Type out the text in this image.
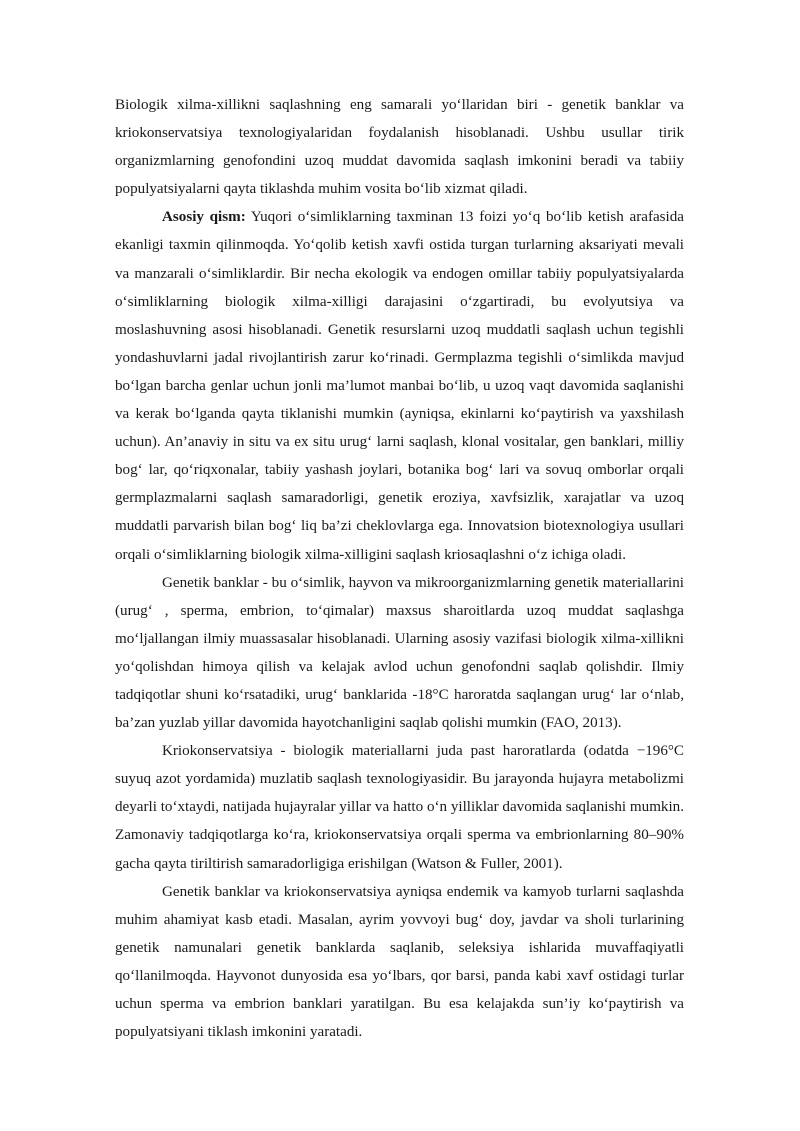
Biologik xilma-xillikni saqlashning eng samarali yo‘llaridan biri - genetik banklar va kriokonservatsiya texnologiyalaridan foydalanish hisoblanadi. Ushbu usullar tirik organizmlarning genofondini uzoq muddat davomida saqlash imkonini beradi va tabiiy populyatsiyalarni qayta tiklashda muhim vosita bo‘lib xizmat qiladi.

Asosiy qism: Yuqori o‘simliklarning taxminan 13 foizi yo‘q bo‘lib ketish arafasida ekanligi taxmin qilinmoqda. Yo‘qolib ketish xavfi ostida turgan turlarning aksariyati mevali va manzarali o‘simliklardir. Bir necha ekologik va endogen omillar tabiiy populyatsiyalarda o‘simliklarning biologik xilma-xilligi darajasini o‘zgartiradi, bu evolyutsiya va moslashuvning asosi hisoblanadi. Genetik resurslarni uzoq muddatli saqlash uchun tegishli yondashuvlarni jadal rivojlantirish zarur ko‘rinadi. Germplazma tegishli o‘simlikda mavjud bo‘lgan barcha genlar uchun jonli ma’lumot manbai bo‘lib, u uzoq vaqt davomida saqlanishi va kerak bo‘lganda qayta tiklanishi mumkin (ayniqsa, ekinlarni ko‘paytirish va yaxshilash uchun). An’anaviy in situ va ex situ urug‘ larni saqlash, klonal vositalar, gen banklari, milliy bog‘ lar, qo‘riqxonalar, tabiiy yashash joylari, botanika bog‘ lari va sovuq omborlar orqali germplazmalarni saqlash samaradorligi, genetik eroziya, xavfsizlik, xarajatlar va uzoq muddatli parvarish bilan bog‘ liq ba’zi cheklovlarga ega. Innovatsion biotexnologiya usullari orqali o‘simliklarning biologik xilma-xilligini saqlash kriosaqlashni o‘z ichiga oladi.

Genetik banklar - bu o‘simlik, hayvon va mikroorganizmlarning genetik materiallarini (urug‘ , sperma, embrion, to‘qimalar) maxsus sharoitlarda uzoq muddat saqlashga mo‘ljallangan ilmiy muassasalar hisoblanadi. Ularning asosiy vazifasi biologik xilma-xillikni yo‘qolishdan himoya qilish va kelajak avlod uchun genofondni saqlab qolishdir. Ilmiy tadqiqotlar shuni ko‘rsatadiki, urug‘ banklarida -18°C haroratda saqlangan urug‘ lar o‘nlab, ba’zan yuzlab yillar davomida hayotchanligini saqlab qolishi mumkin (FAO, 2013).

Kriokonservatsiya - biologik materiallarni juda past haroratlarda (odatda −196°C suyuq azot yordamida) muzlatib saqlash texnologiyasidir. Bu jarayonda hujayra metabolizmi deyarli to‘xtaydi, natijada hujayralar yillar va hatto o‘n yilliklar davomida saqlanishi mumkin. Zamonaviy tadqiqotlarga ko‘ra, kriokonservatsiya orqali sperma va embrionlarning 80–90% gacha qayta tiriltirish samaradorligiga erishilgan (Watson & Fuller, 2001).

Genetik banklar va kriokonservatsiya ayniqsa endemik va kamyob turlarni saqlashda muhim ahamiyat kasb etadi. Masalan, ayrim yovvoyi bug‘ doy, javdar va sholi turlarining genetik namunalari genetik banklarda saqlanib, seleksiya ishlarida muvaffaqiyatli qo‘llanilmoqda. Hayvonot dunyosida esa yo‘lbars, qor barsi, panda kabi xavf ostidagi turlar uchun sperma va embrion banklari yaratilgan. Bu esa kelajakda sun’iy ko‘paytirish va populyatsiyani tiklash imkonini yaratadi.
